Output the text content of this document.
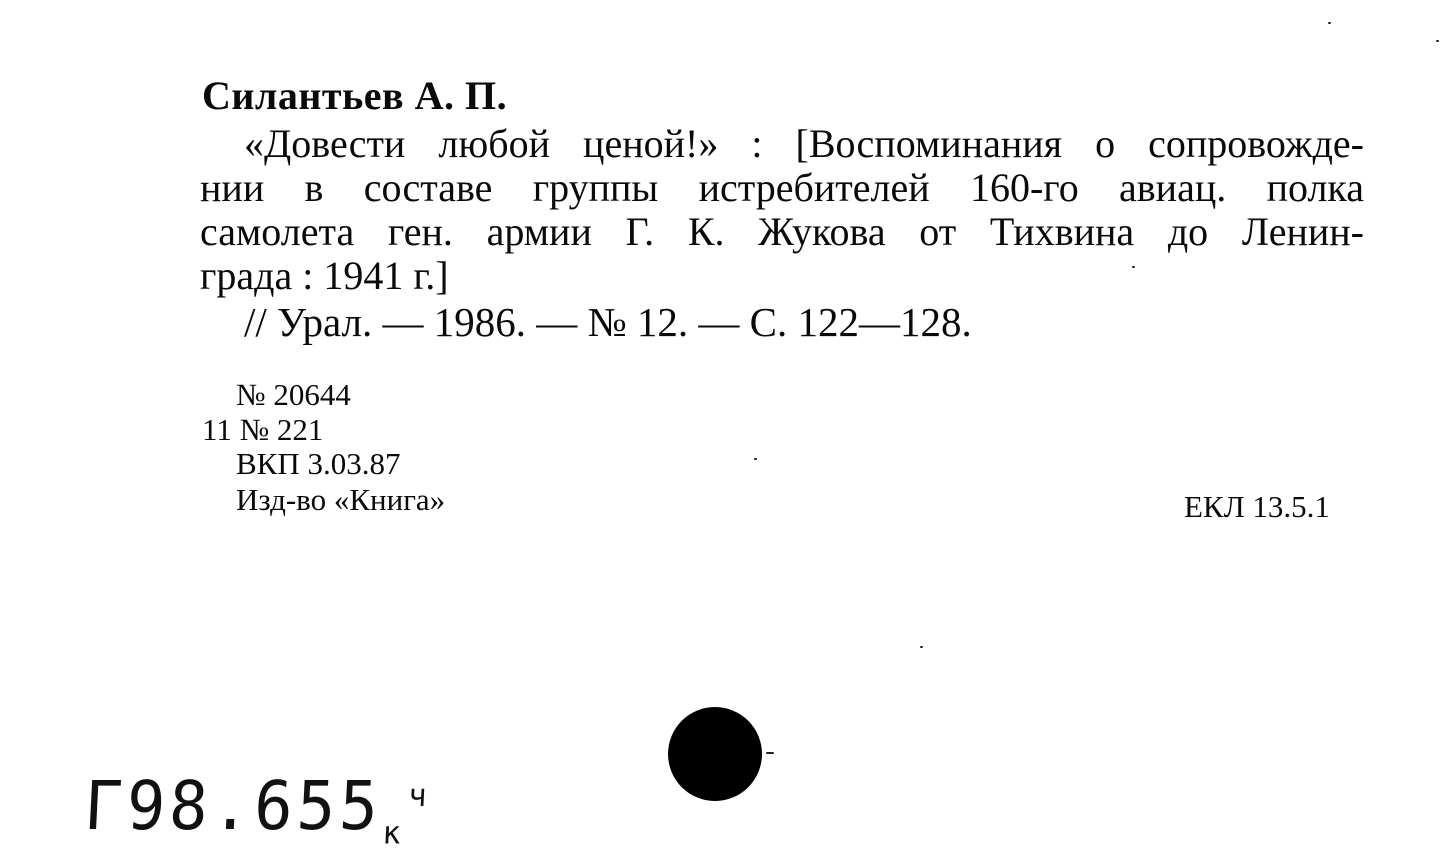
Силантьев А. П.
«Довести любой ценой!» : [Воспоминания о сопровожде-
нии в составе группы истребителей 160-го авиац. полка
самолета ген. армии Г. К. Жукова от Тихвина до Ленин-
града : 1941 г.]
// Урал. — 1986. — № 12. — С. 122—128.
№ 20644
11 № 221
ВКП 3.03.87
Изд-во «Книга»	ЕКЛ 13.5.1
$Г98.655_к^ч$
